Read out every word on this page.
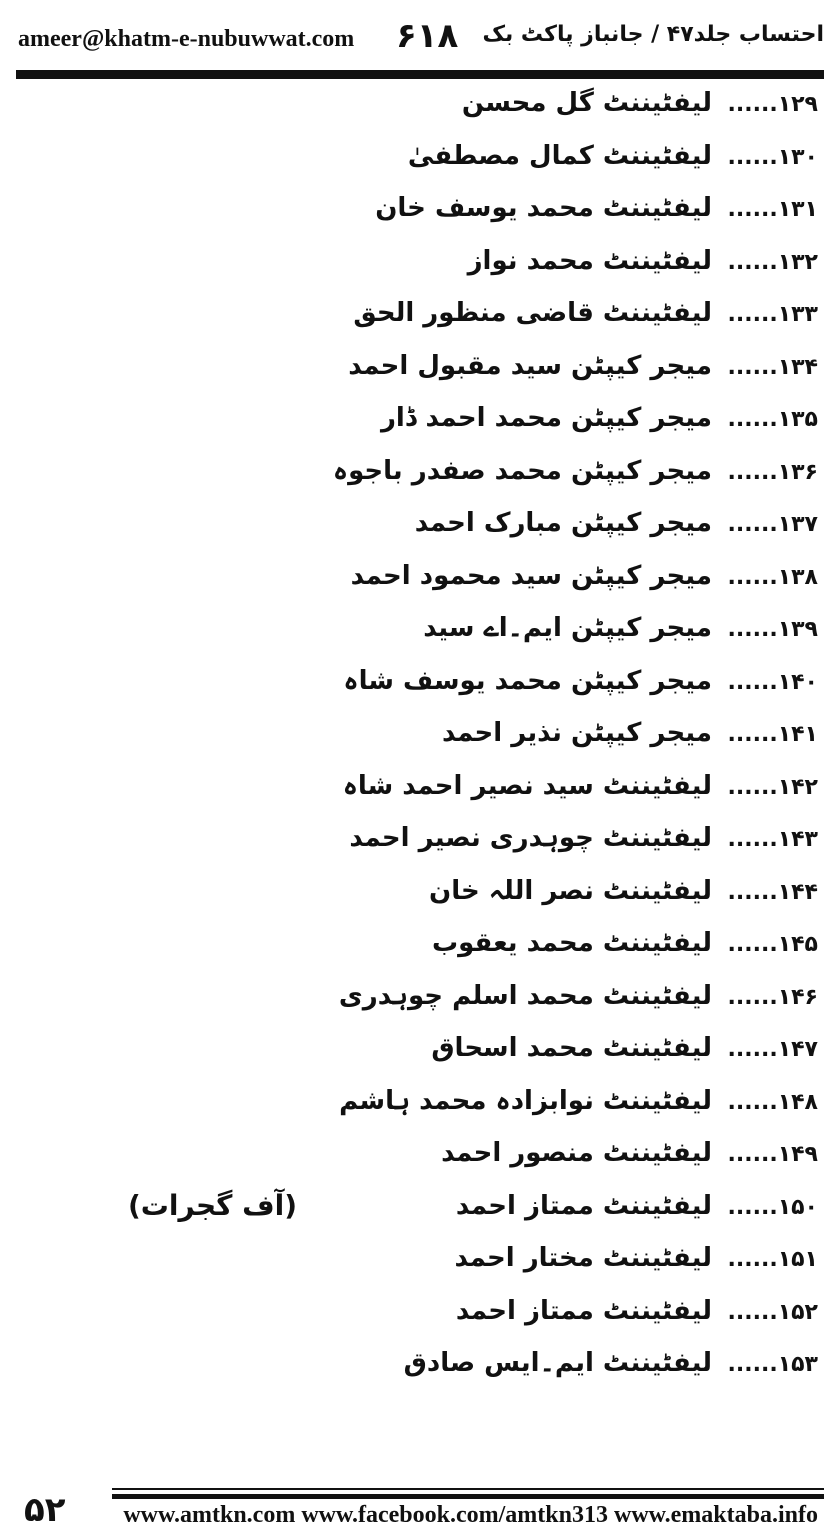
ameer@khatm-e-nubuwwat.com ۶۱۸ احتساب جلد۴۷ / جانباز پاکٹ بک
۱۲۹......
لیفٹیننٹ گل محسن
۱۳۰......
لیفٹیننٹ کمال مصطفیٰ
۱۳۱......
لیفٹیننٹ محمد یوسف خان
۱۳۲......
لیفٹیننٹ محمد نواز
۱۳۳......
لیفٹیننٹ قاضی منظور الحق
۱۳۴......
میجر کیپٹن سید مقبول احمد
۱۳۵......
میجر کیپٹن محمد احمد ڈار
۱۳۶......
میجر کیپٹن محمد صفدر باجوہ
۱۳۷......
میجر کیپٹن مبارک احمد
۱۳۸......
میجر کیپٹن سید محمود احمد
۱۳۹......
میجر کیپٹن ایم۔اے سید
۱۴۰......
میجر کیپٹن محمد یوسف شاہ
۱۴۱......
میجر کیپٹن نذیر احمد
۱۴۲......
لیفٹیننٹ سید نصیر احمد شاہ
۱۴۳......
لیفٹیننٹ چوہدری نصیر احمد
۱۴۴......
لیفٹیننٹ نصر اللہ خان
۱۴۵......
لیفٹیننٹ محمد یعقوب
۱۴۶......
لیفٹیننٹ محمد اسلم چوہدری
۱۴۷......
لیفٹیننٹ محمد اسحاق
۱۴۸......
لیفٹیننٹ نوابزادہ محمد ہاشم
۱۴۹......
لیفٹیننٹ منصور احمد
۱۵۰......
لیفٹیننٹ ممتاز احمد
۱۵۱......
لیفٹیننٹ مختار احمد
۱۵۲......
لیفٹیننٹ ممتاز احمد
۱۵۳......
لیفٹیننٹ ایم۔ایس صادق
(آف گجرات)
۵۲	www.amtkn.com www.facebook.com/amtkn313 www.emaktaba.info
